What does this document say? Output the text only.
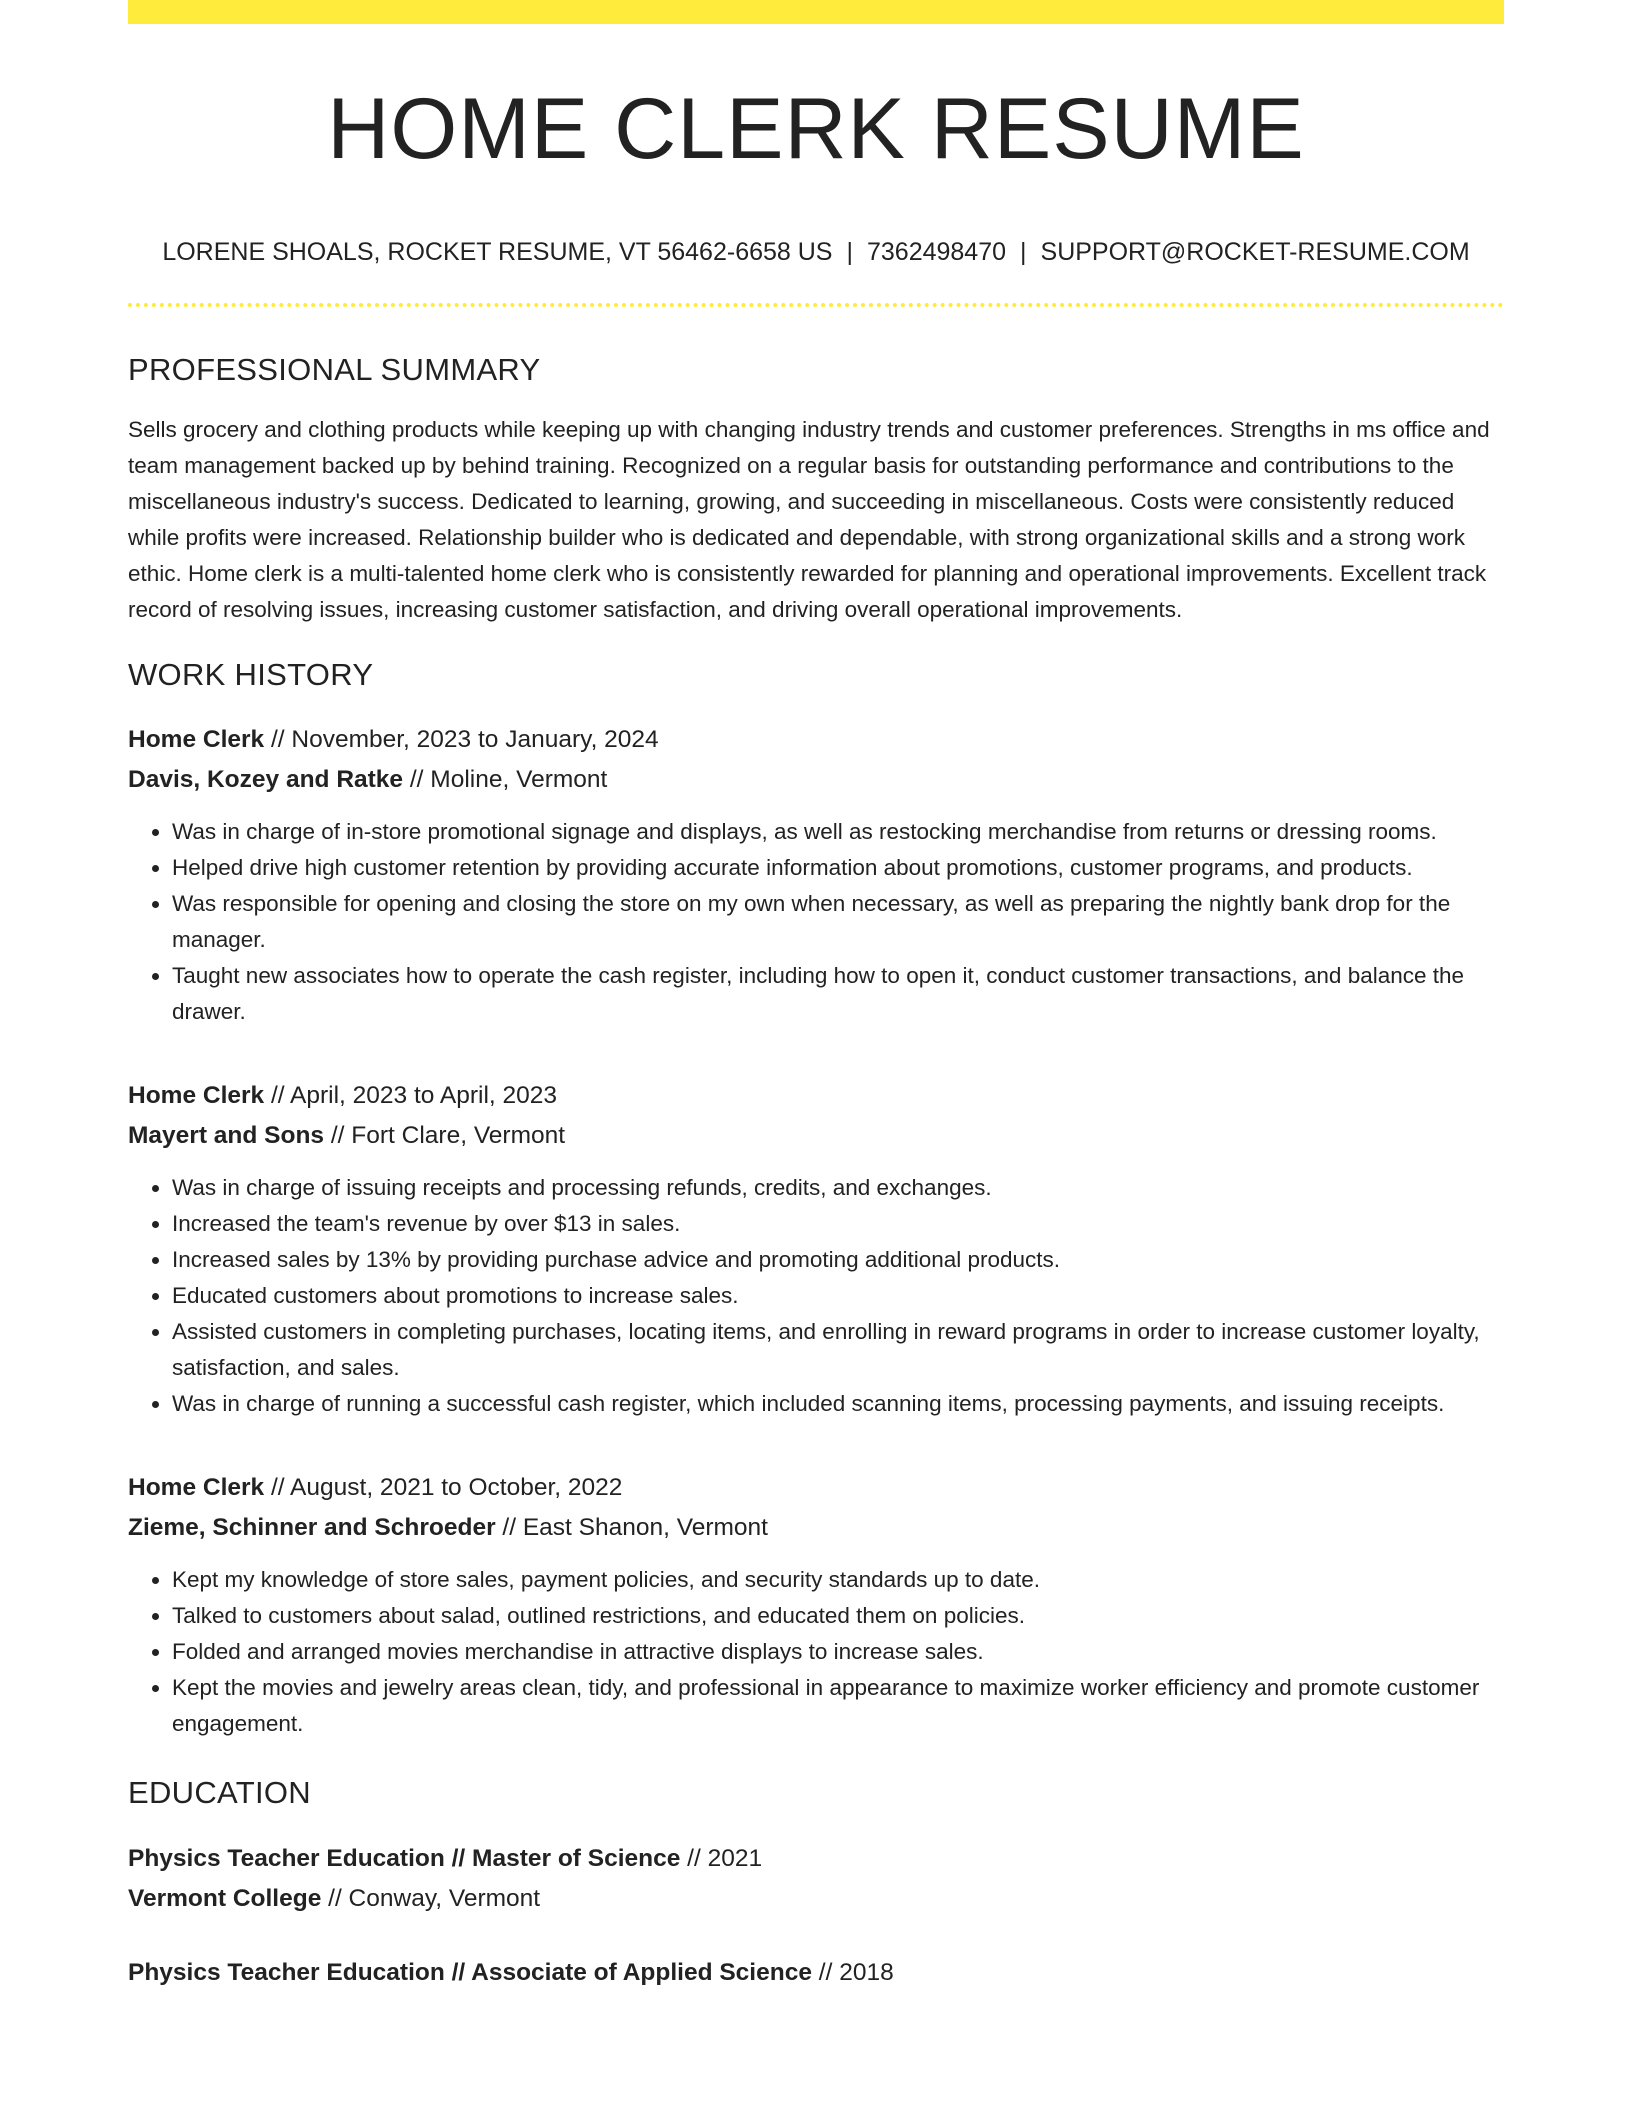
HOME CLERK RESUME
LORENE SHOALS, ROCKET RESUME, VT 56462-6658 US | 7362498470 | SUPPORT@ROCKET-RESUME.COM
PROFESSIONAL SUMMARY
Sells grocery and clothing products while keeping up with changing industry trends and customer preferences. Strengths in ms office and team management backed up by behind training. Recognized on a regular basis for outstanding performance and contributions to the miscellaneous industry's success. Dedicated to learning, growing, and succeeding in miscellaneous. Costs were consistently reduced while profits were increased. Relationship builder who is dedicated and dependable, with strong organizational skills and a strong work ethic. Home clerk is a multi-talented home clerk who is consistently rewarded for planning and operational improvements. Excellent track record of resolving issues, increasing customer satisfaction, and driving overall operational improvements.
WORK HISTORY
Home Clerk // November, 2023 to January, 2024
Davis, Kozey and Ratke // Moline, Vermont
• Was in charge of in-store promotional signage and displays, as well as restocking merchandise from returns or dressing rooms.
• Helped drive high customer retention by providing accurate information about promotions, customer programs, and products.
• Was responsible for opening and closing the store on my own when necessary, as well as preparing the nightly bank drop for the manager.
• Taught new associates how to operate the cash register, including how to open it, conduct customer transactions, and balance the drawer.
Home Clerk // April, 2023 to April, 2023
Mayert and Sons // Fort Clare, Vermont
• Was in charge of issuing receipts and processing refunds, credits, and exchanges.
• Increased the team's revenue by over $13 in sales.
• Increased sales by 13% by providing purchase advice and promoting additional products.
• Educated customers about promotions to increase sales.
• Assisted customers in completing purchases, locating items, and enrolling in reward programs in order to increase customer loyalty, satisfaction, and sales.
• Was in charge of running a successful cash register, which included scanning items, processing payments, and issuing receipts.
Home Clerk // August, 2021 to October, 2022
Zieme, Schinner and Schroeder // East Shanon, Vermont
• Kept my knowledge of store sales, payment policies, and security standards up to date.
• Talked to customers about salad, outlined restrictions, and educated them on policies.
• Folded and arranged movies merchandise in attractive displays to increase sales.
• Kept the movies and jewelry areas clean, tidy, and professional in appearance to maximize worker efficiency and promote customer engagement.
EDUCATION
Physics Teacher Education // Master of Science // 2021
Vermont College // Conway, Vermont
Physics Teacher Education // Associate of Applied Science // 2018
